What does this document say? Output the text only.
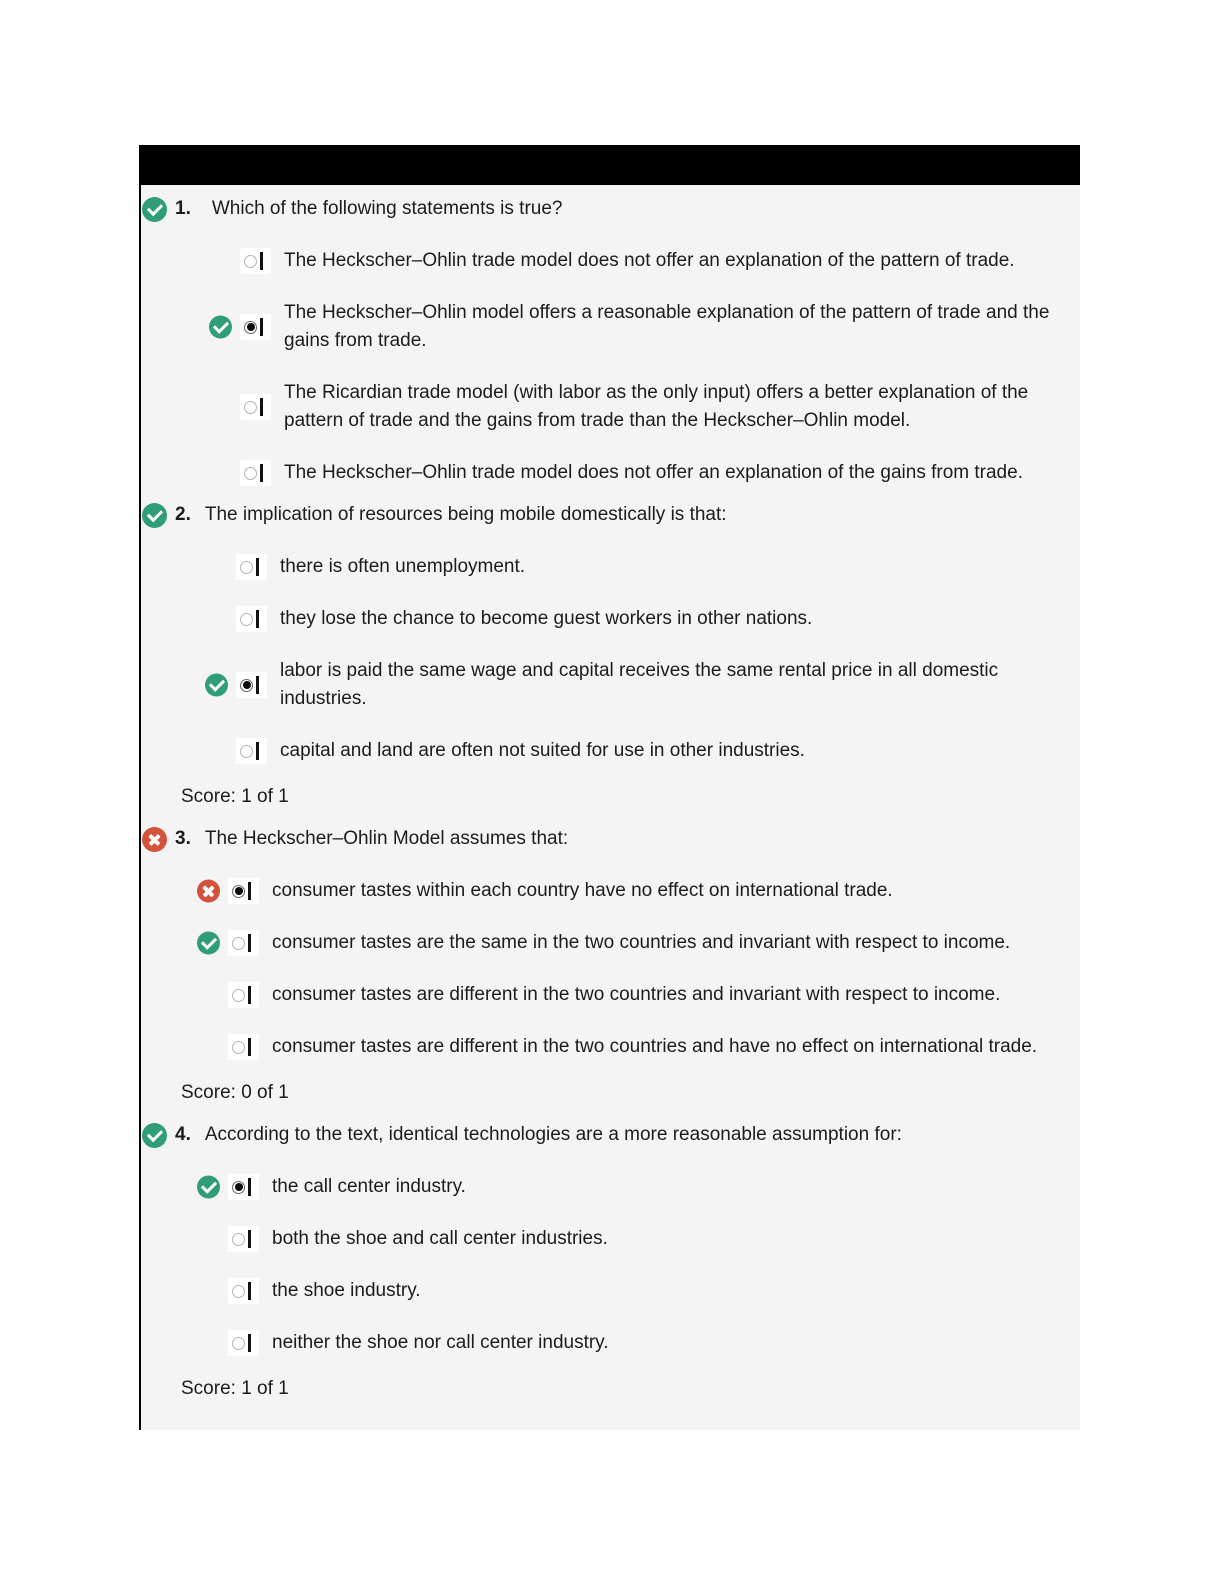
1. Which of the following statements is true?
The Heckscher–Ohlin trade model does not offer an explanation of the pattern of trade.
The Heckscher–Ohlin model offers a reasonable explanation of the pattern of trade and the gains from trade.
The Ricardian trade model (with labor as the only input) offers a better explanation of the pattern of trade and the gains from trade than the Heckscher–Ohlin model.
The Heckscher–Ohlin trade model does not offer an explanation of the gains from trade.
2. The implication of resources being mobile domestically is that:
there is often unemployment.
they lose the chance to become guest workers in other nations.
labor is paid the same wage and capital receives the same rental price in all domestic industries.
capital and land are often not suited for use in other industries.
Score: 1 of 1
3. The Heckscher–Ohlin Model assumes that:
consumer tastes within each country have no effect on international trade.
consumer tastes are the same in the two countries and invariant with respect to income.
consumer tastes are different in the two countries and invariant with respect to income.
consumer tastes are different in the two countries and have no effect on international trade.
Score: 0 of 1
4. According to the text, identical technologies are a more reasonable assumption for:
the call center industry.
both the shoe and call center industries.
the shoe industry.
neither the shoe nor call center industry.
Score: 1 of 1
